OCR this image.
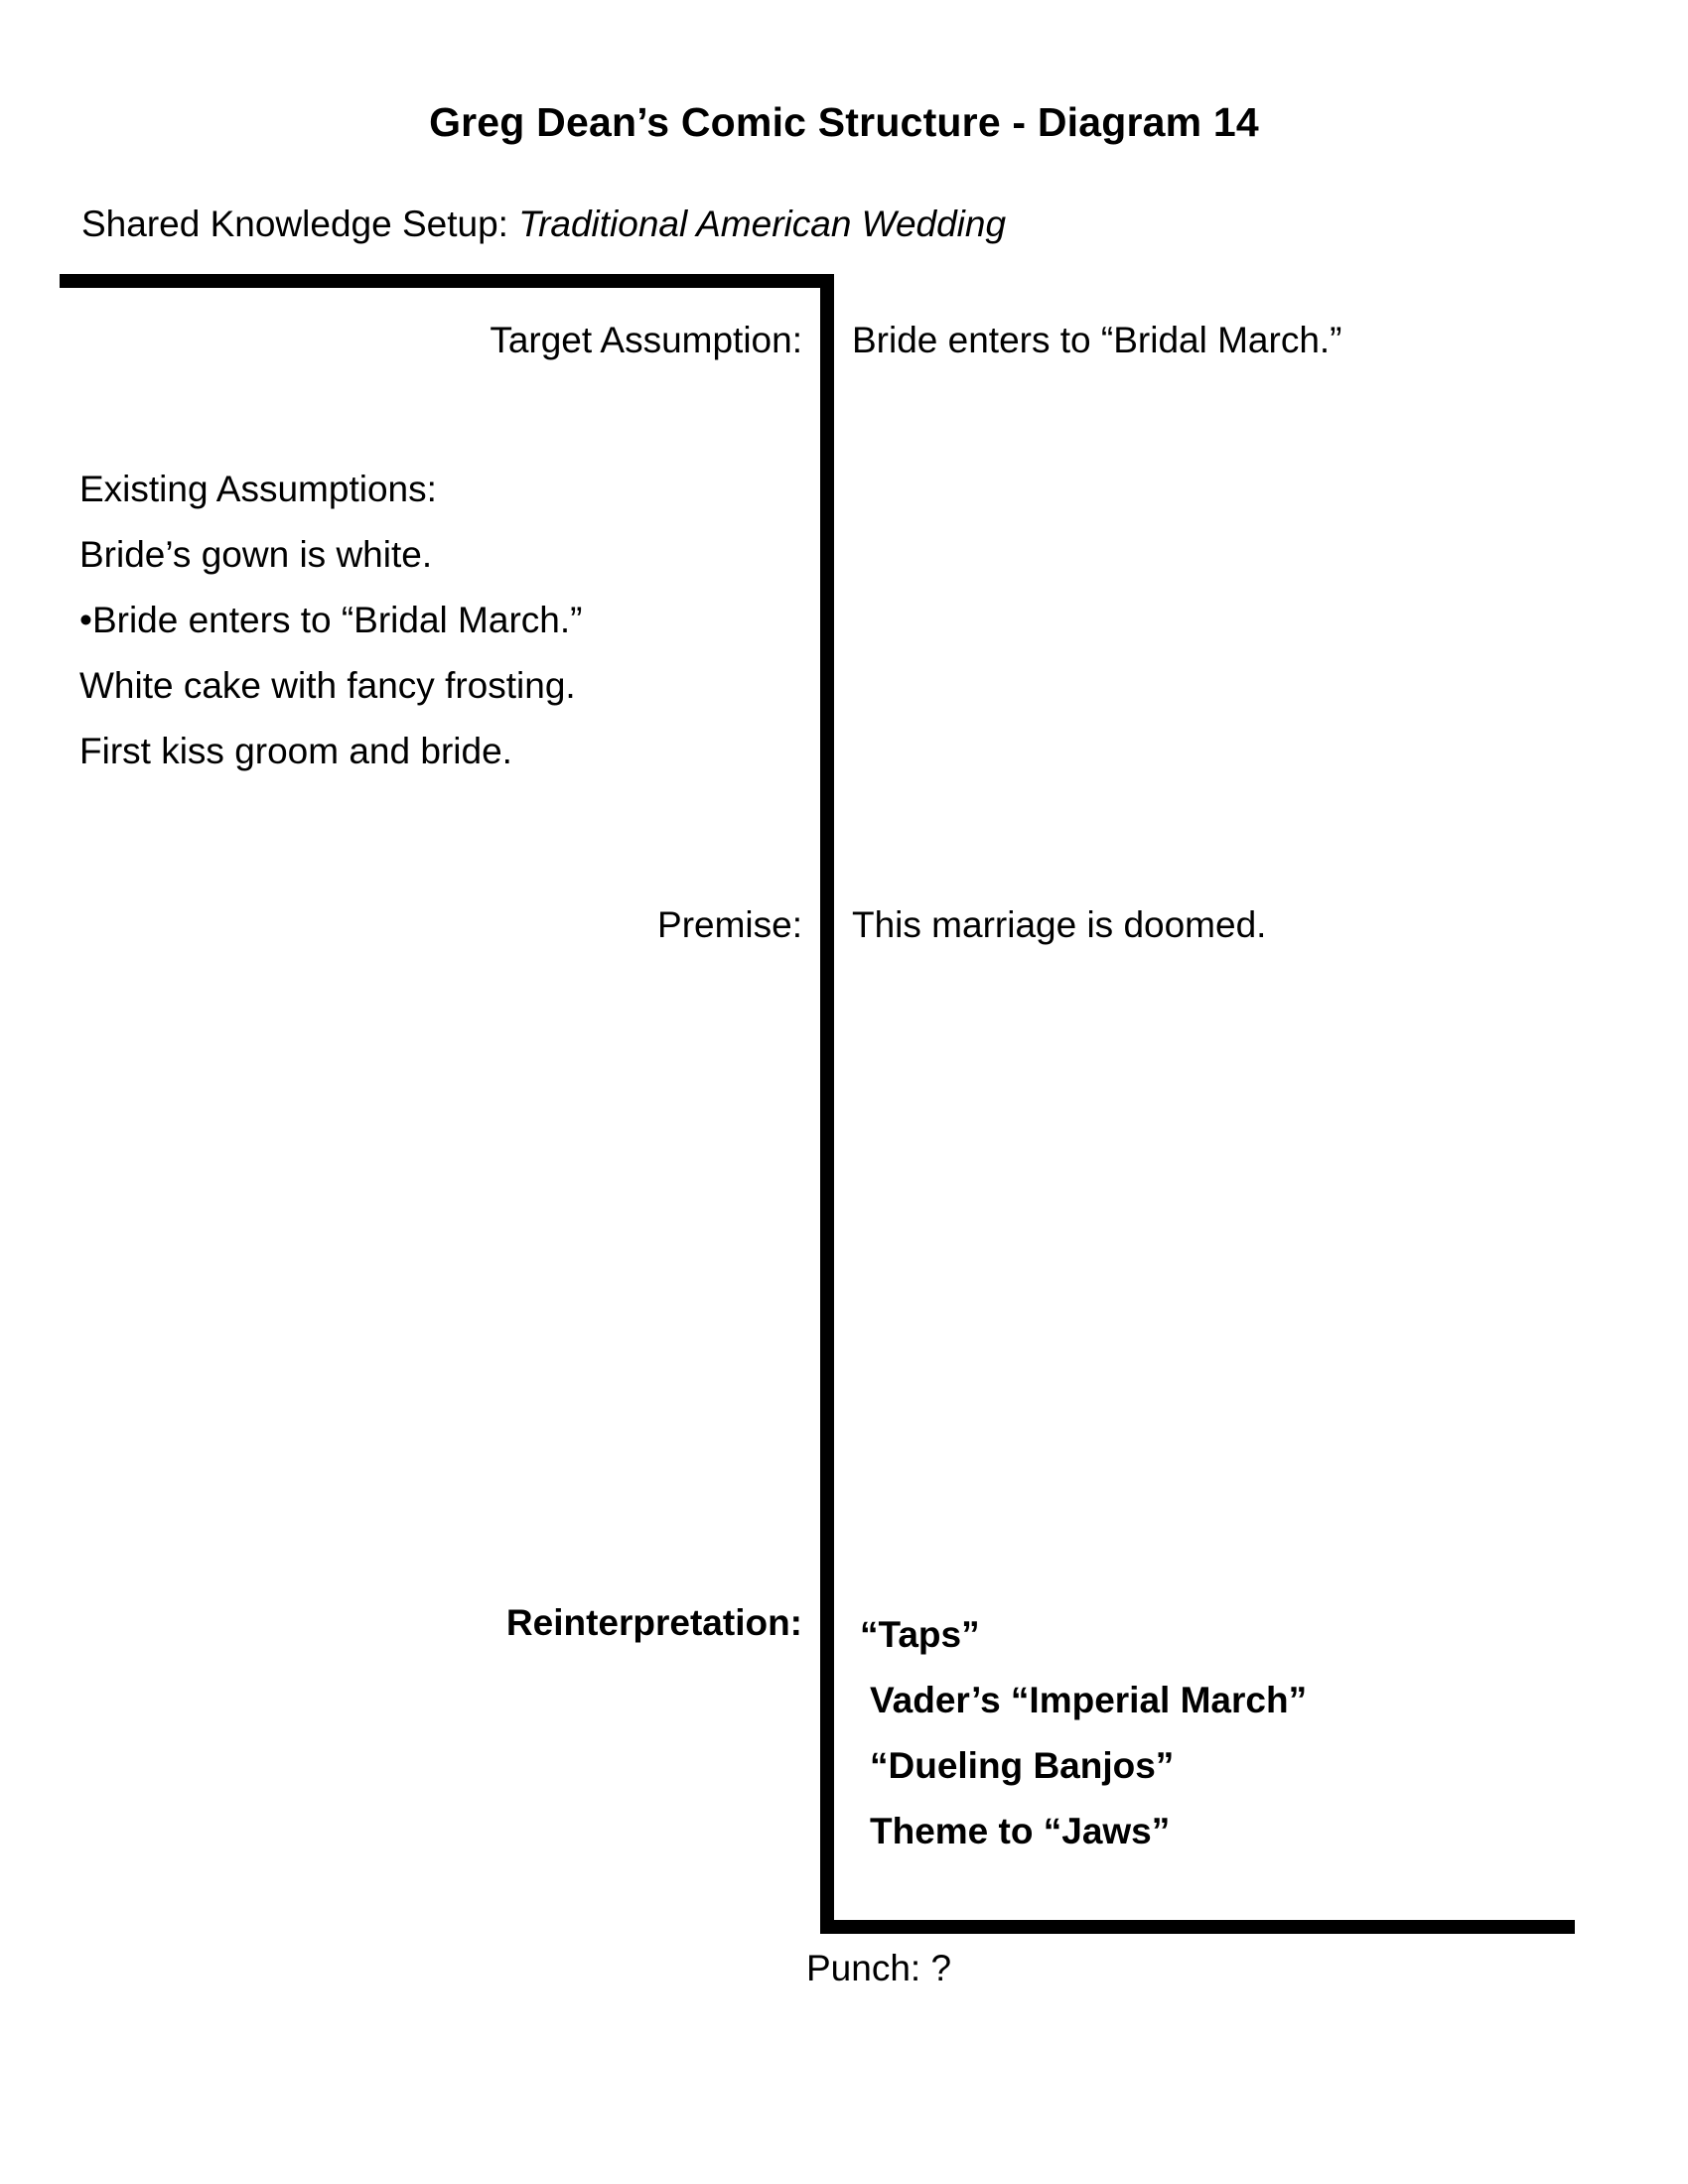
Greg Dean’s Comic Structure - Diagram 14
Shared Knowledge Setup: Traditional American Wedding
Target Assumption: Bride enters to “Bridal March.”
Existing Assumptions:
Bride’s gown is white.
•Bride enters to “Bridal March.”
White cake with fancy frosting.
First kiss groom and bride.
Premise: This marriage is doomed.
Reinterpretation: “Taps”
Vader’s “Imperial March”
“Dueling Banjos”
Theme to “Jaws”
Punch: ?
